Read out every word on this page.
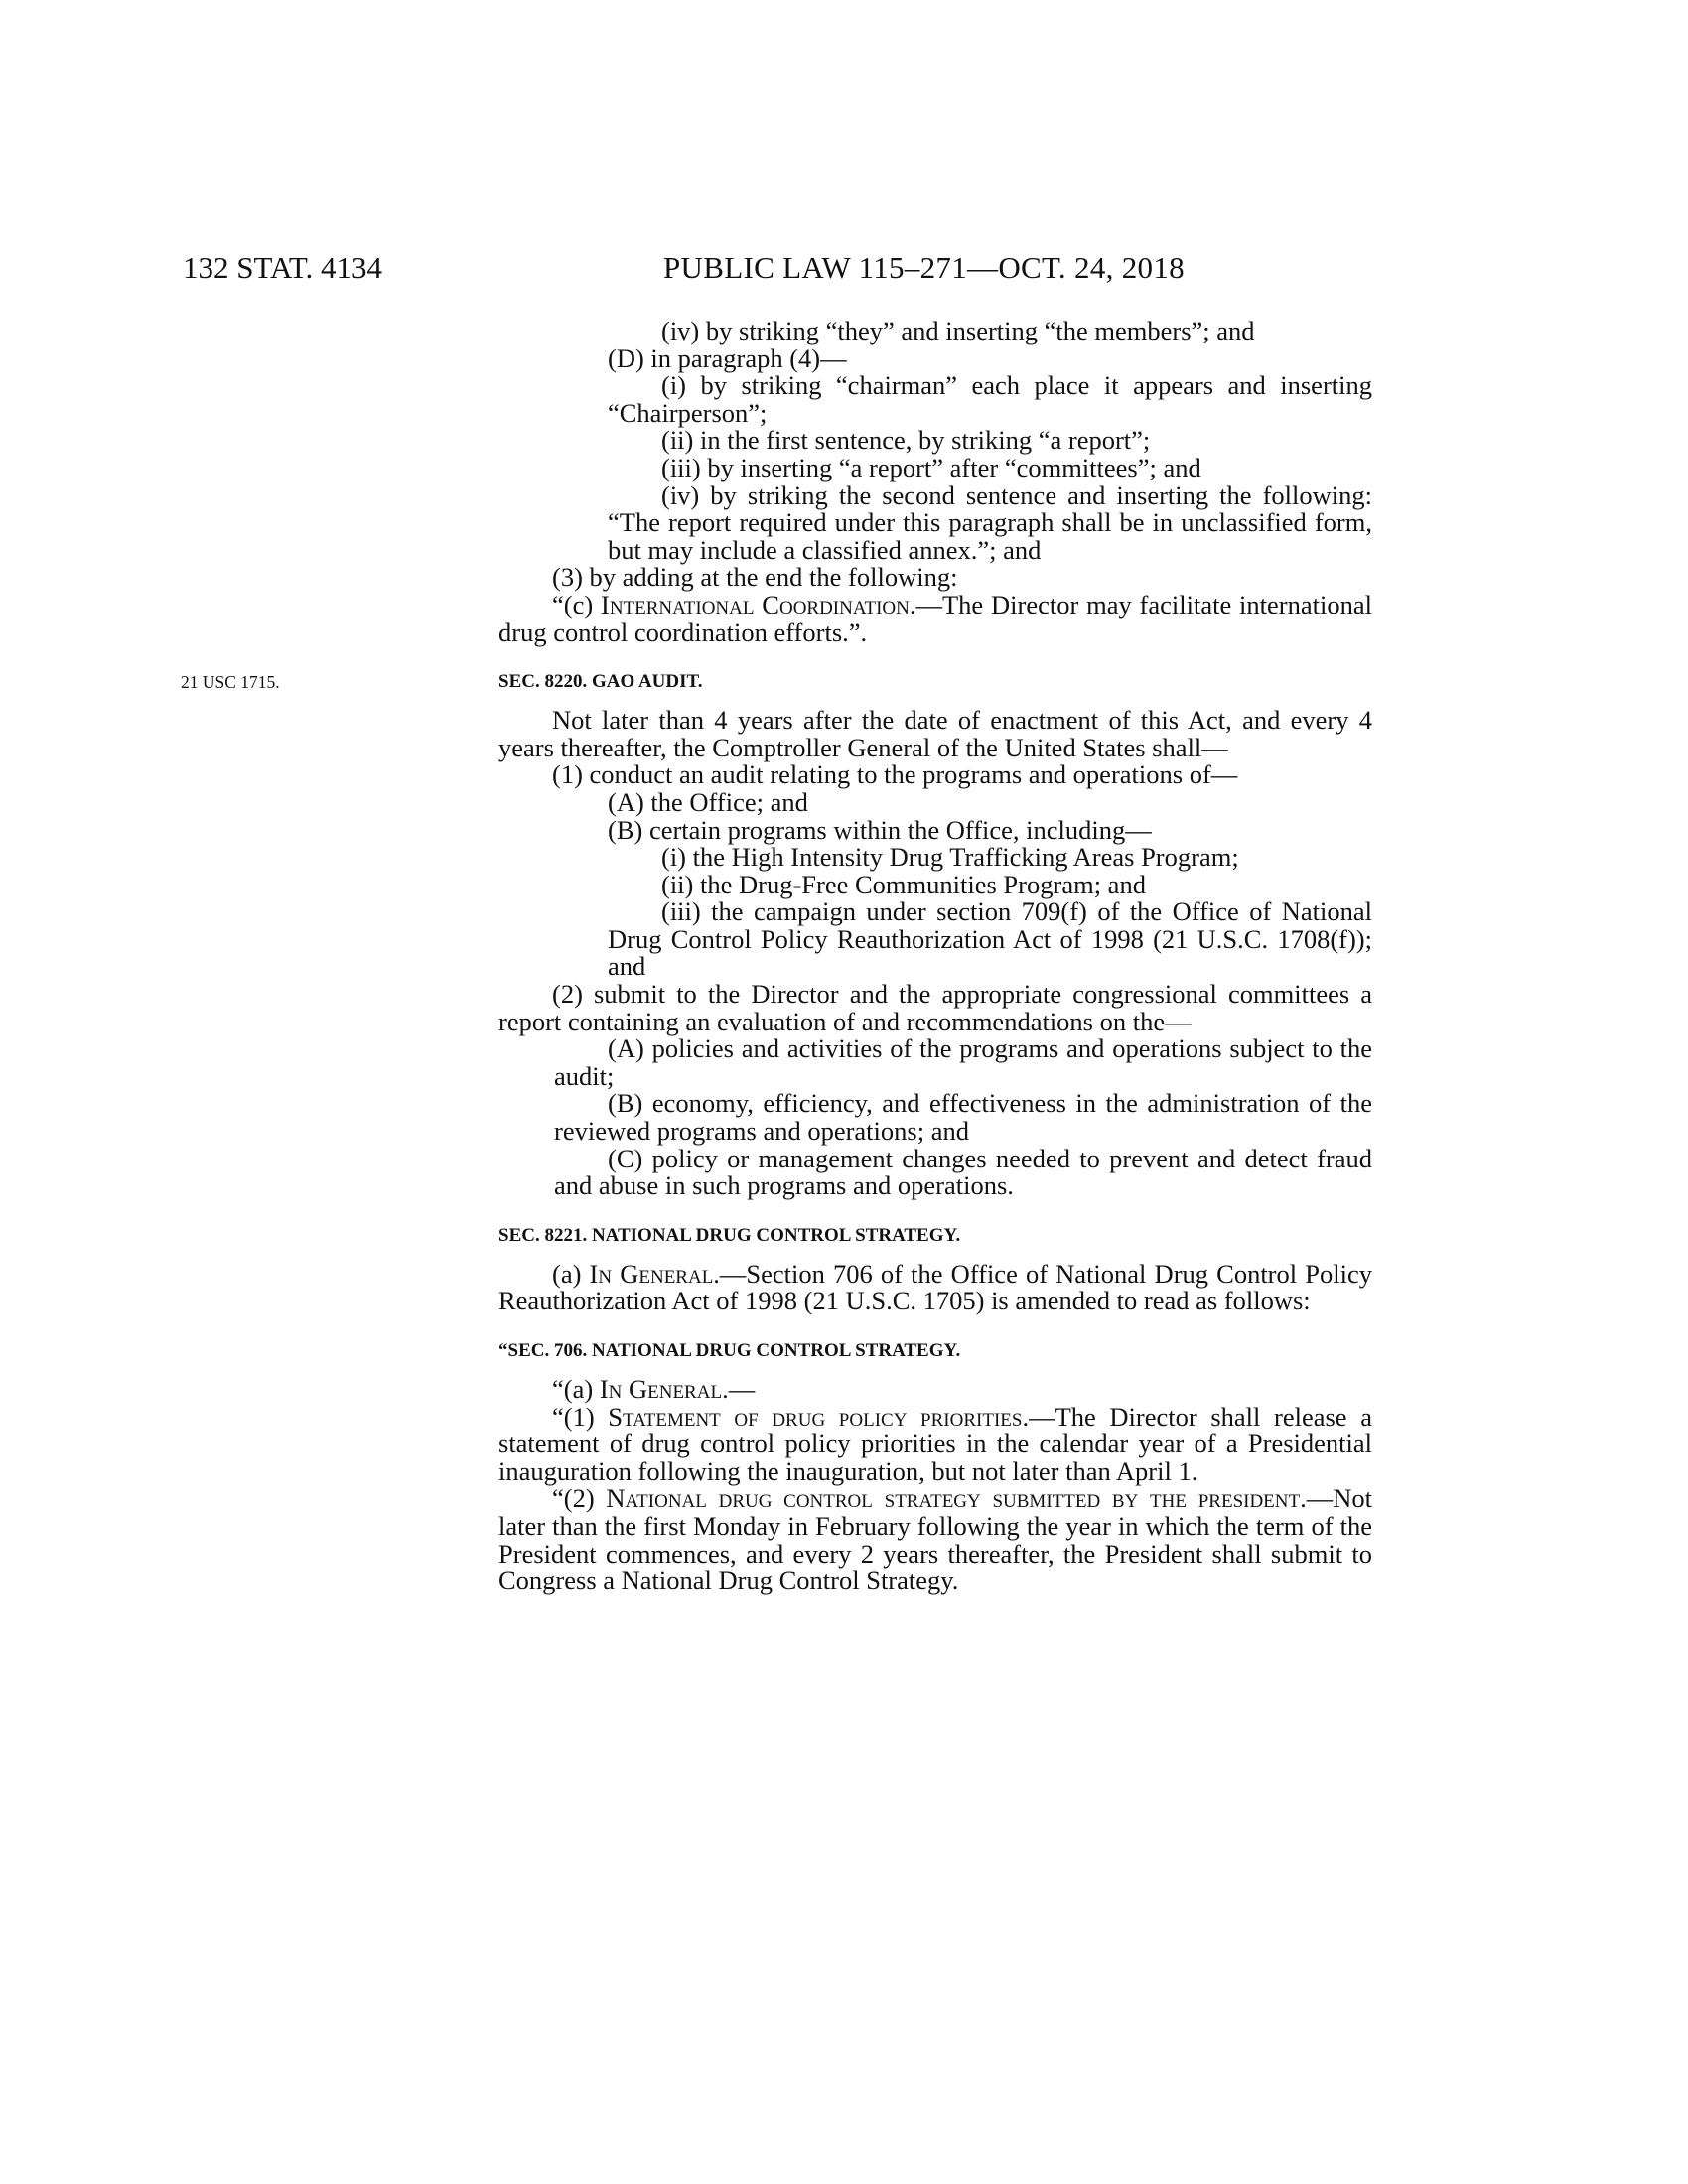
132 STAT. 4134	PUBLIC LAW 115–271—OCT. 24, 2018

(iv) by striking “they” and inserting “the members”; and

(D) in paragraph (4)—

(i) by striking “chairman” each place it appears and inserting “Chairperson”;

(ii) in the first sentence, by striking “a report”;

(iii) by inserting “a report” after “committees”; and

(iv) by striking the second sentence and inserting the following: “The report required under this paragraph shall be in unclassified form, but may include a classified annex.”; and

(3) by adding at the end the following:

“(c) International Coordination.—The Director may facilitate international drug control coordination efforts.”.

21 USC 1715.	SEC. 8220. GAO AUDIT.

Not later than 4 years after the date of enactment of this Act, and every 4 years thereafter, the Comptroller General of the United States shall—

(1) conduct an audit relating to the programs and operations of—

(A) the Office; and

(B) certain programs within the Office, including—

(i) the High Intensity Drug Trafficking Areas Program;

(ii) the Drug-Free Communities Program; and

(iii) the campaign under section 709(f) of the Office of National Drug Control Policy Reauthorization Act of 1998 (21 U.S.C. 1708(f)); and

(2) submit to the Director and the appropriate congressional committees a report containing an evaluation of and recommendations on the—

(A) policies and activities of the programs and operations subject to the audit;

(B) economy, efficiency, and effectiveness in the administration of the reviewed programs and operations; and

(C) policy or management changes needed to prevent and detect fraud and abuse in such programs and operations.

SEC. 8221. NATIONAL DRUG CONTROL STRATEGY.

(a) In General.—Section 706 of the Office of National Drug Control Policy Reauthorization Act of 1998 (21 U.S.C. 1705) is amended to read as follows:

“SEC. 706. NATIONAL DRUG CONTROL STRATEGY.

“(a) In General.—

“(1) Statement of drug policy priorities.—The Director shall release a statement of drug control policy priorities in the calendar year of a Presidential inauguration following the inauguration, but not later than April 1.

“(2) National drug control strategy submitted by the president.—Not later than the first Monday in February following the year in which the term of the President commences, and every 2 years thereafter, the President shall submit to Congress a National Drug Control Strategy.
